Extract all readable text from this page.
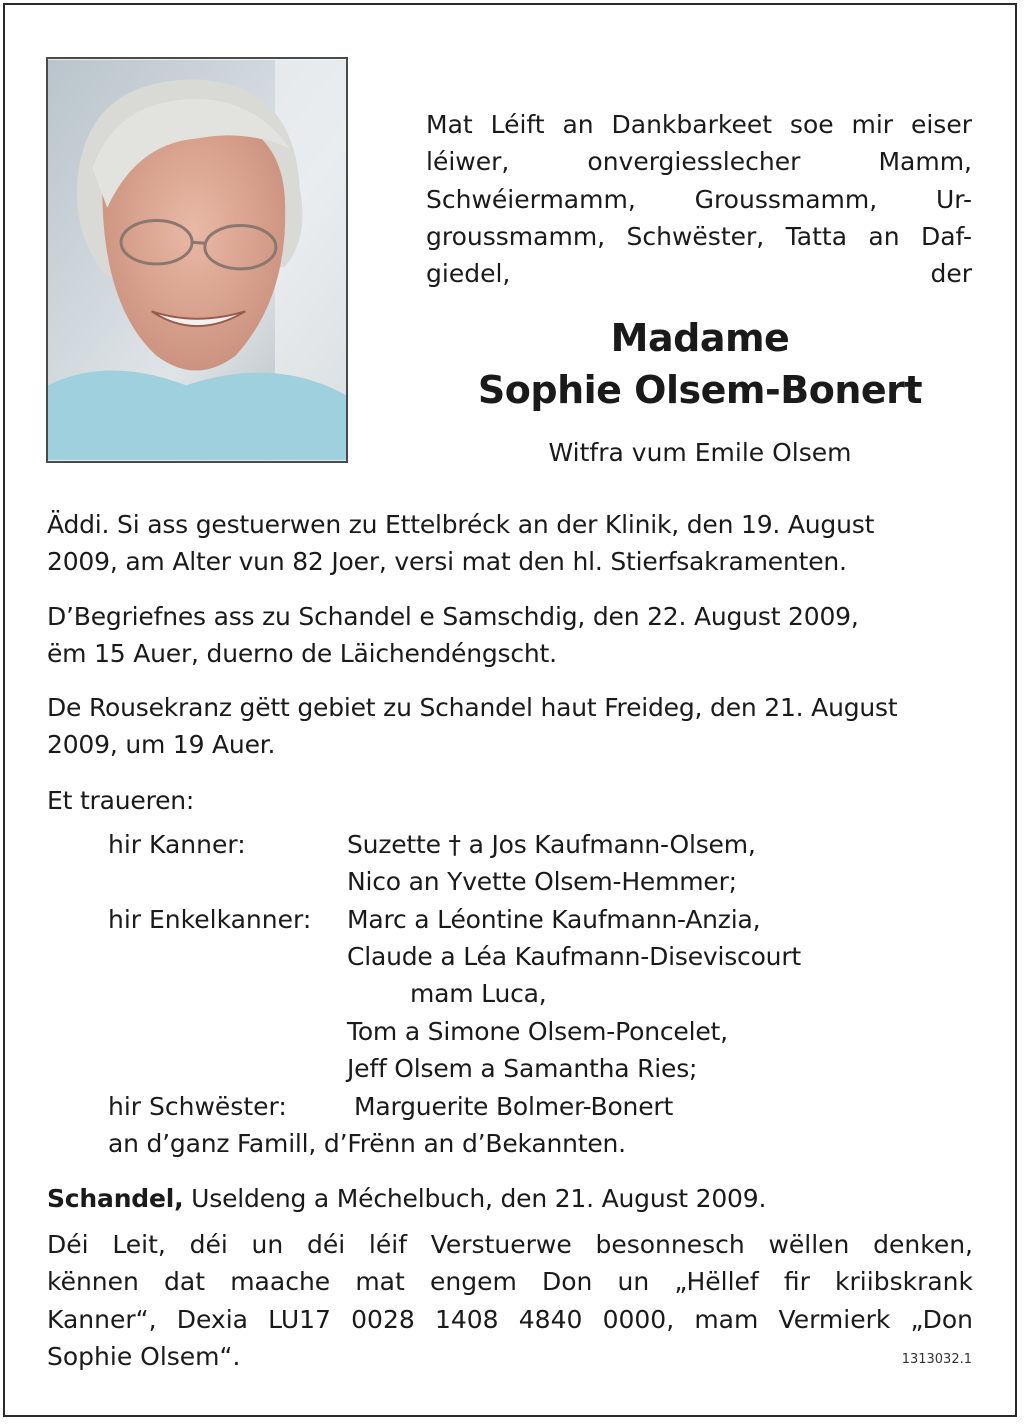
Mat Léift an Dankbarkeet soe mir eiser
léiwer, onvergiesslecher Mamm,
Schwéiermamm, Groussmamm, Ur-
groussmamm, Schwëster, Tatta an Daf-
giedel, der
Madame
Sophie Olsem-Bonert
Witfra vum Emile Olsem
Äddi. Si ass gestuerwen zu Ettelbréck an der Klinik, den 19. August
2009, am Alter vun 82 Joer, versi mat den hl. Stierfsakramenten.
D’Begriefnes ass zu Schandel e Samschdig, den 22. August 2009,
ëm 15 Auer, duerno de Läichendéngscht.
De Rousekranz gëtt gebiet zu Schandel haut Freideg, den 21. August
2009, um 19 Auer.
Et traueren:
hir Kanner:	Suzette † a Jos Kaufmann-Olsem,
Nico an Yvette Olsem-Hemmer;
hir Enkelkanner: Marc a Léontine Kaufmann-Anzia,
Claude a Léa Kaufmann-Diseviscourt
mam Luca,
Tom a Simone Olsem-Poncelet,
Jeff Olsem a Samantha Ries;
hir Schwëster:	Marguerite Bolmer-Bonert
an d’ganz Famill, d’Frënn an d’Bekannten.
Schandel, Useldeng a Méchelbuch, den 21. August 2009.
Déi Leit, déi un déi léif Verstuerwe besonnesch wëllen denken,
kënnen dat maache mat engem Don un „Hëllef fir kriibskrank
Kanner“, Dexia LU17 0028 1408 4840 0000, mam Vermierk „Don
Sophie Olsem“.	1313032.1
